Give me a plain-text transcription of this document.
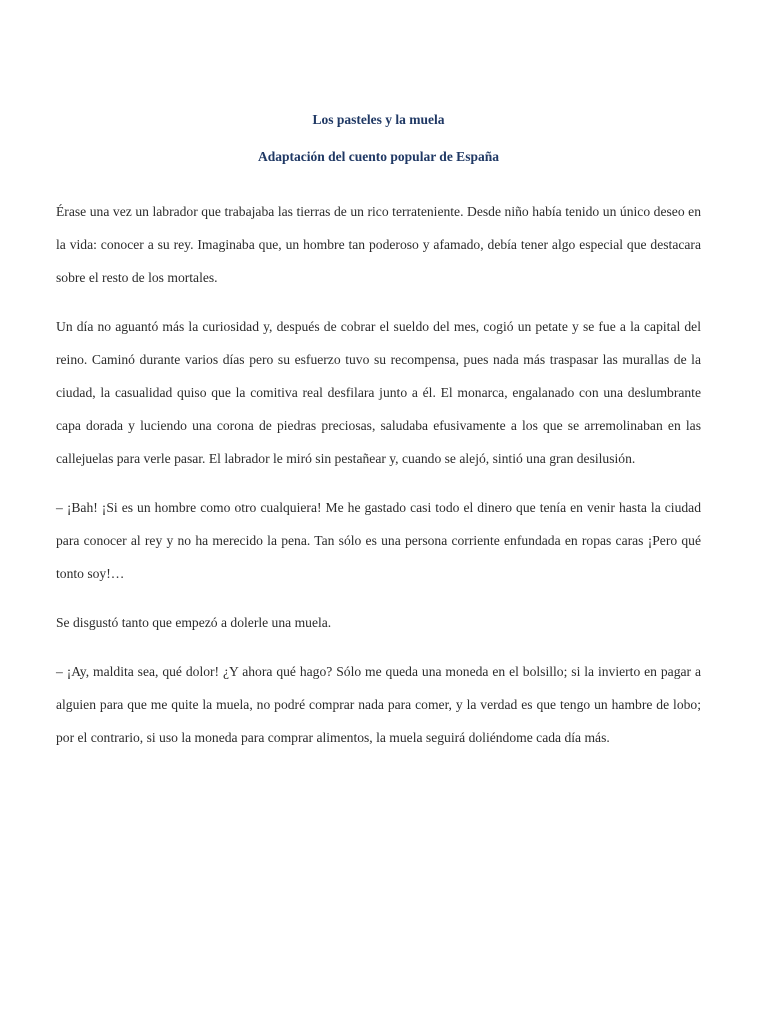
Los pasteles y la muela
Adaptación del cuento popular de España

Érase una vez un labrador que trabajaba las tierras de un rico terrateniente. Desde niño había tenido un único deseo en la vida: conocer a su rey. Imaginaba que, un hombre tan poderoso y afamado, debía tener algo especial que destacara sobre el resto de los mortales.

Un día no aguantó más la curiosidad y, después de cobrar el sueldo del mes, cogió un petate y se fue a la capital del reino. Caminó durante varios días pero su esfuerzo tuvo su recompensa, pues nada más traspasar las murallas de la ciudad, la casualidad quiso que la comitiva real desfilara junto a él. El monarca, engalanado con una deslumbrante capa dorada y luciendo una corona de piedras preciosas, saludaba efusivamente a los que se arremolinaban en las callejuelas para verle pasar. El labrador le miró sin pestañear y, cuando se alejó, sintió una gran desilusión.

– ¡Bah! ¡Si es un hombre como otro cualquiera! Me he gastado casi todo el dinero que tenía en venir hasta la ciudad para conocer al rey y no ha merecido la pena. Tan sólo es una persona corriente enfundada en ropas caras ¡Pero qué tonto soy!…

Se disgustó tanto que empezó a dolerle una muela.

– ¡Ay, maldita sea, qué dolor! ¿Y ahora qué hago? Sólo me queda una moneda en el bolsillo; si la invierto en pagar a alguien para que me quite la muela, no podré comprar nada para comer, y la verdad es que tengo un hambre de lobo; por el contrario, si uso la moneda para comprar alimentos, la muela seguirá doliéndome cada día más.
